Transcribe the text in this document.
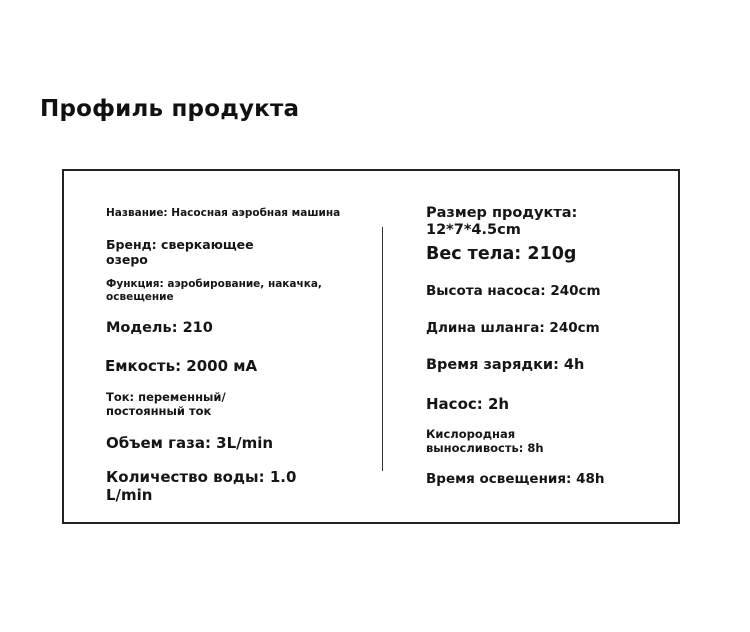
Профиль продукта
Название: Насосная аэробная машина
Бренд: сверкающее озеро
Функция: аэробирование, накачка, освещение
Модель: 210
Емкость: 2000 мА
Ток: переменный/ постоянный ток
Объем газа: 3L/min
Количество воды: 1.0 L/min
Размер продукта: 12*7*4.5cm
Вес тела: 210g
Высота насоса: 240cm
Длина шланга: 240cm
Время зарядки: 4h
Насос: 2h
Кислородная выносливость: 8h
Время освещения: 48h
